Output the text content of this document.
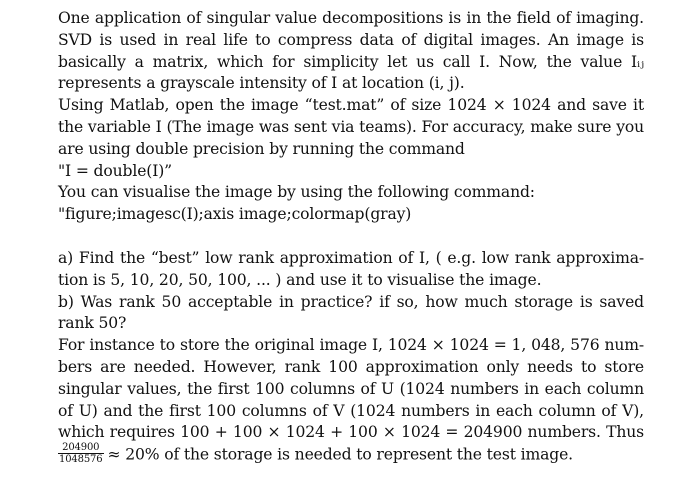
One application of singular value decompositions is in the field of imaging.
SVD is used in real life to compress data of digital images. An image is
basically a matrix, which for simplicity let us call I. Now, the value Iᵢⱼ
represents a grayscale intensity of I at location (i, j).
Using Matlab, open the image “test.mat” of size 1024 × 1024 and save it
the variable I (The image was sent via teams). For accuracy, make sure you
are using double precision by running the command
"I = double(I)”
You can visualise the image by using the following command:
"figure;imagesc(I);axis image;colormap(gray)
a) Find the “best” low rank approximation of I, ( e.g. low rank approxima-
tion is 5, 10, 20, 50, 100, ... ) and use it to visualise the image.
b) Was rank 50 acceptable in practice? if so, how much storage is saved
rank 50?
For instance to store the original image I, 1024 × 1024 = 1, 048, 576 num-
bers are needed. However, rank 100 approximation only needs to store
singular values, the first 100 columns of U (1024 numbers in each column
of U) and the first 100 columns of V (1024 numbers in each column of V),
which requires 100 + 100 × 1024 + 100 × 1024 = 204900 numbers. Thus
$\frac{204900}{1048576} \approx 20\%$ of the storage is needed to represent the test image.
